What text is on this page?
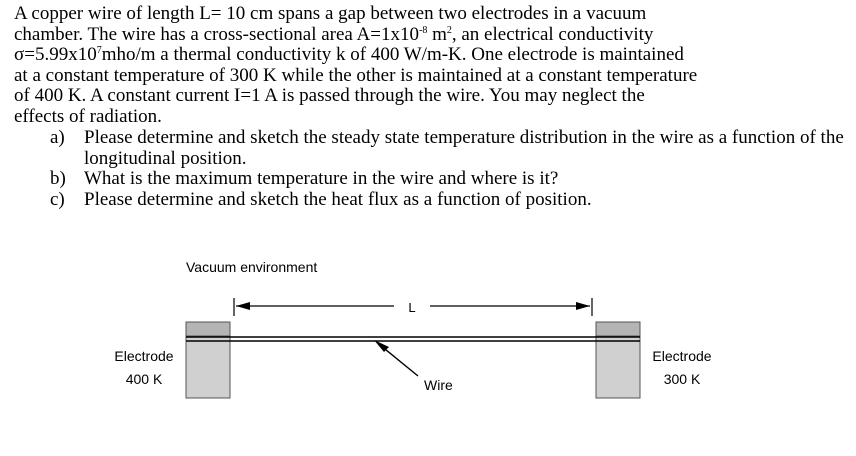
A copper wire of length L= 10 cm spans a gap between two electrodes in a vacuum
chamber. The wire has a cross-sectional area $A=1x10^{-8}$ $m^2$, an electrical conductivity
$\sigma=5.99x10^7mho/m$ a thermal conductivity k of 400 W/m-K. One electrode is maintained
at a constant temperature of 300 K while the other is maintained at a constant temperature
of 400 K. A constant current I=1 A is passed through the wire. You may neglect the
effects of radiation.

a) Please determine and sketch the steady state temperature distribution in the wire as a function of the longitudinal position.
b) What is the maximum temperature in the wire and where is it?
c) Please determine and sketch the heat flux as a function of position.
Vacuum environment
L
Wire
Electrode
400 K
Electrode
300 K
